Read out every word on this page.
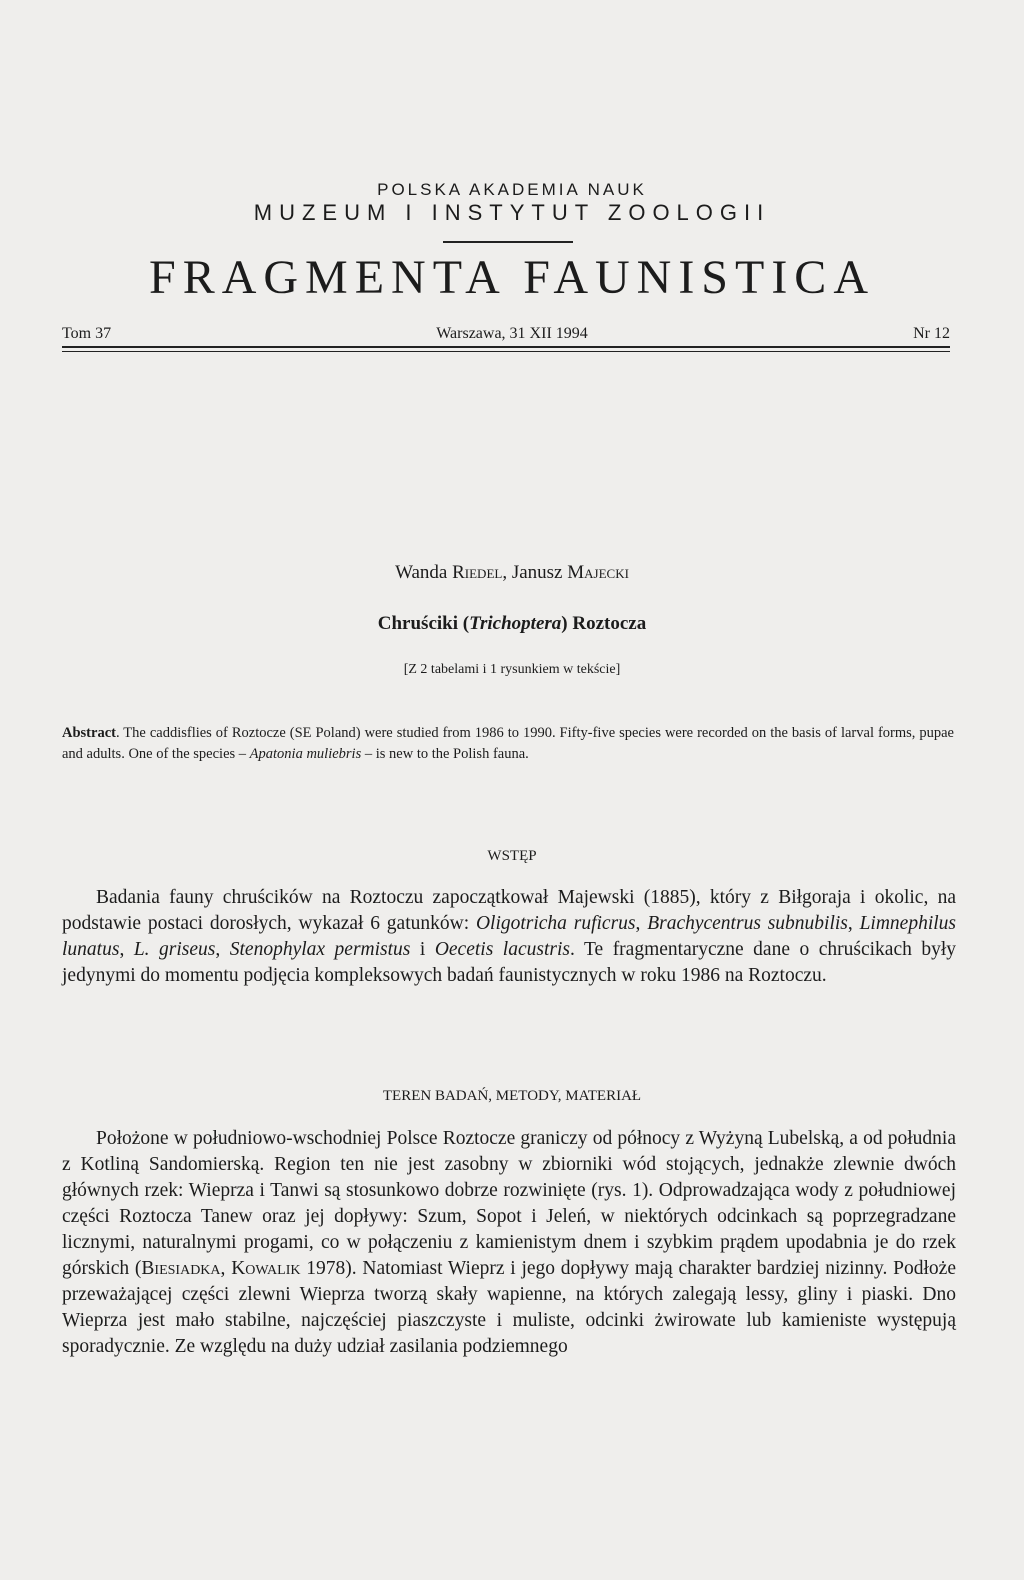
POLSKA AKADEMIA NAUK
MUZEUM I INSTYTUT ZOOLOGII
FRAGMENTA FAUNISTICA
Tom 37	Warszawa, 31 XII 1994	Nr 12

Wanda Riedel, Janusz Majecki

Chruściki (Trichoptera) Roztocza

[Z 2 tabelami i 1 rysunkiem w tekście]

Abstract. The caddisflies of Roztocze (SE Poland) were studied from 1986 to 1990. Fifty-five species were recorded on the basis of larval forms, pupae and adults. One of the species – Apatonia muliebris – is new to the Polish fauna.

WSTĘP

Badania fauny chruścików na Roztoczu zapoczątkował Majewski (1885), który z Biłgoraja i okolic, na podstawie postaci dorosłych, wykazał 6 gatunków: Oligotricha ruficrus, Brachycentrus subnubilis, Limnephilus lunatus, L. griseus, Stenophylax permistus i Oecetis lacustris. Te fragmentaryczne dane o chruścikach były jedynymi do momentu podjęcia kompleksowych badań faunistycznych w roku 1986 na Roztoczu.

TEREN BADAŃ, METODY, MATERIAŁ

Położone w południowo-wschodniej Polsce Roztocze graniczy od północy z Wyżyną Lubelską, a od południa z Kotliną Sandomierską. Region ten nie jest zasobny w zbiorniki wód stojących, jednakże zlewnie dwóch głównych rzek: Wieprza i Tanwi są stosunkowo dobrze rozwinięte (rys. 1). Odprowadzająca wody z południowej części Roztocza Tanew oraz jej dopływy: Szum, Sopot i Jeleń, w niektórych odcinkach są poprzegradzane licznymi, naturalnymi progami, co w połączeniu z kamienistym dnem i szybkim prądem upodabnia je do rzek górskich (Biesiadka, Kowalik 1978). Natomiast Wieprz i jego dopływy mają charakter bardziej nizinny. Podłoże przeważającej części zlewni Wieprza tworzą skały wapienne, na których zalegają lessy, gliny i piaski. Dno Wieprza jest mało stabilne, najczęściej piaszczyste i muliste, odcinki żwirowate lub kamieniste występują sporadycznie. Ze względu na duży udział zasilania podziemnego
